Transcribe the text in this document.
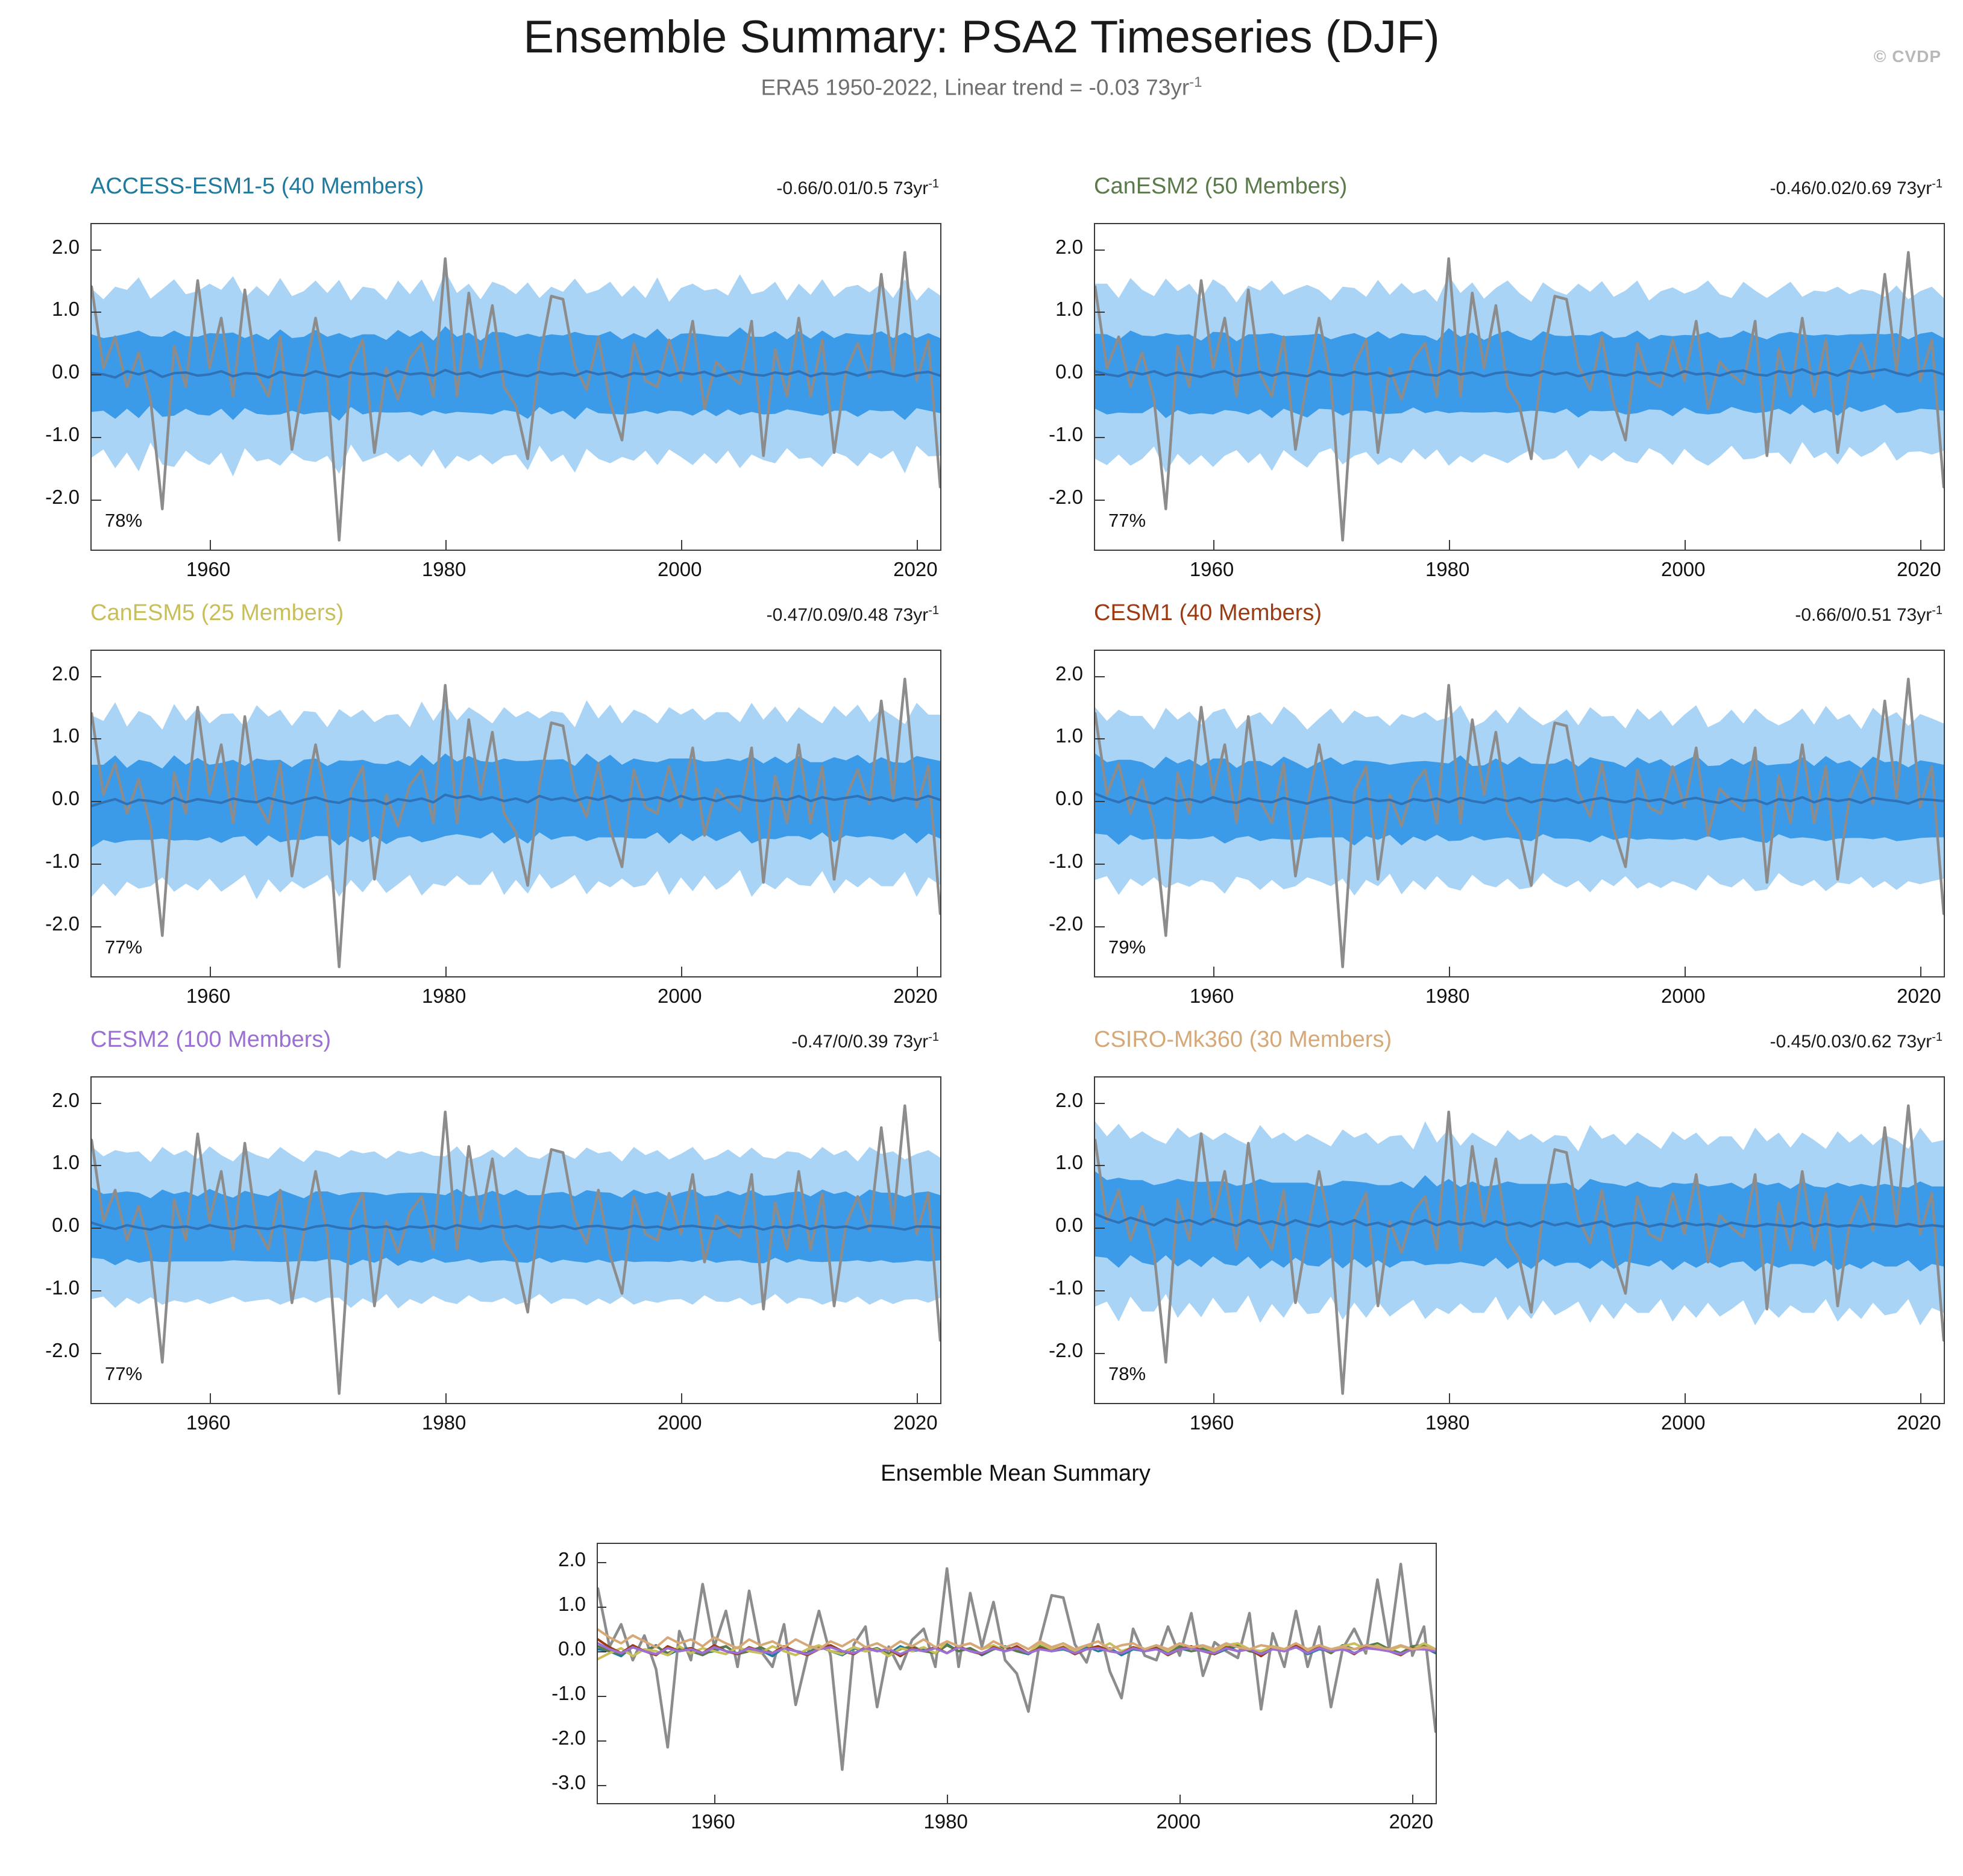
Ensemble Summary: PSA2 Timeseries (DJF)
ERA5 1950-2022, Linear trend = -0.03 $73yr^{-1}$
© CVDP
ACCESS-ESM1-5 (40 Members)	-0.66/0.01/0.5 $73yr^{-1}$
78%
2.0
1.0
0.0
-1.0
-2.0
1960	1980	2000	2020
CanESM2 (50 Members)	-0.46/0.02/0.69 $73yr^{-1}$
77%
2.0
1.0
0.0
-1.0
-2.0
1960	1980	2000	2020
CanESM5 (25 Members)	-0.47/0.09/0.48 $73yr^{-1}$
77%
2.0
1.0
0.0
-1.0
-2.0
1960	1980	2000	2020
CESM1 (40 Members)	-0.66/0/0.51 $73yr^{-1}$
79%
2.0
1.0
0.0
-1.0
-2.0
1960	1980	2000	2020
CESM2 (100 Members)	-0.47/0/0.39 $73yr^{-1}$
77%
2.0
1.0
0.0
-1.0
-2.0
1960	1980	2000	2020
CSIRO-Mk360 (30 Members)	-0.45/0.03/0.62 $73yr^{-1}$
78%
2.0
1.0
0.0
-1.0
-2.0
1960	1980	2000	2020
Ensemble Mean Summary
2.0
1.0
0.0
-1.0
-2.0
-3.0
1960	1980	2000	2020
